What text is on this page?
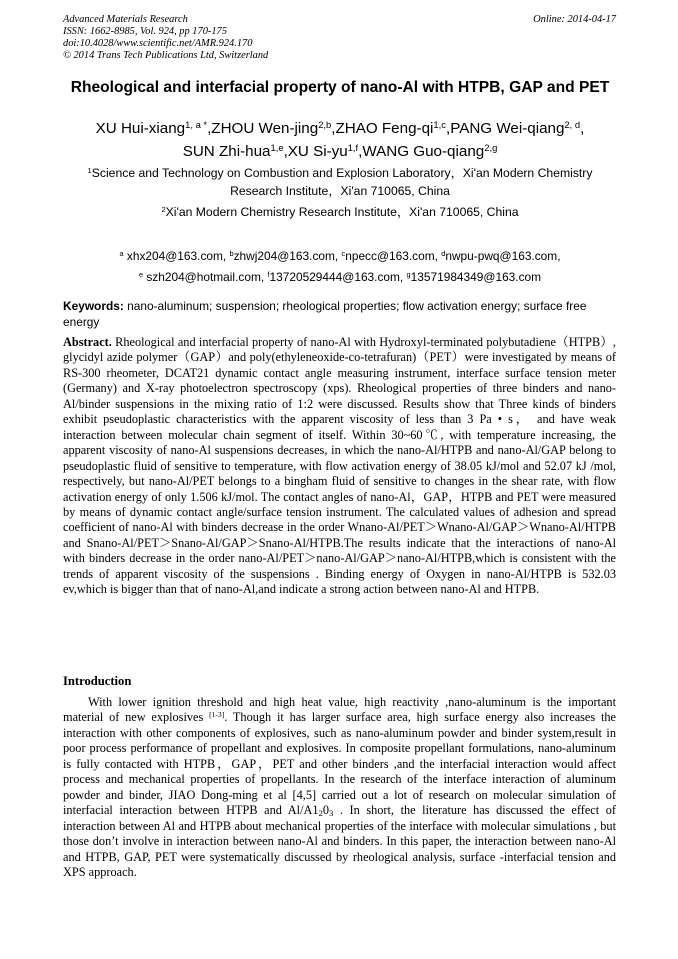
Advanced Materials Research
ISSN: 1662-8985, Vol. 924, pp 170-175
doi:10.4028/www.scientific.net/AMR.924.170
© 2014 Trans Tech Publications Ltd, Switzerland
Online: 2014-04-17
Rheological and interfacial property of nano-Al with HTPB, GAP and PET
XU Hui-xiang$^{1, a *}$,ZHOU Wen-jing$^{2,b}$,ZHAO Feng-qi$^{1,c}$,PANG Wei-qiang$^{2, d}$,
SUN Zhi-hua$^{1,e}$,XU Si-yu$^{1,f}$,WANG Guo-qiang$^{2,g}$
$^1$Science and Technology on Combustion and Explosion Laboratory，Xi'an Modern Chemistry
Research Institute，Xi'an 710065, China
$^2$Xi'an Modern Chemistry Research Institute，Xi'an 710065, China
$^a$ xhx204@163.com, $^b$zhwj204@163.com, $^c$npecc@163.com, $^d$nwpu-pwq@163.com,
$^e$ szh204@hotmail.com, $^f$13720529444@163.com, $^g$13571984349@163.com
Keywords: nano-aluminum; suspension; rheological properties; flow activation energy; surface free energy
Abstract. Rheological and interfacial property of nano-Al with Hydroxyl-terminated polybutadiene（HTPB）, glycidyl azide polymer（GAP）and poly(ethyleneoxide-co-tetrafuran)（PET）were investigated by means of RS-300 rheometer, DCAT21 dynamic contact angle measuring instrument, interface surface tension meter (Germany) and X-ray photoelectron spectroscopy (xps). Rheological properties of three binders and nano-Al/binder suspensions in the mixing ratio of 1:2 were discussed. Results show that Three kinds of binders exhibit pseudoplastic characteristics with the apparent viscosity of less than 3 Pa • s， and have weak interaction between molecular chain segment of itself. Within 30~60℃, with temperature increasing, the apparent viscosity of nano-Al suspensions decreases, in which the nano-Al/HTPB and nano-Al/GAP belong to pseudoplastic fluid of sensitive to temperature, with flow activation energy of 38.05 kJ/mol and 52.07 kJ /mol, respectively, but nano-Al/PET belongs to a bingham fluid of sensitive to changes in the shear rate, with flow activation energy of only 1.506 kJ/mol. The contact angles of nano-Al，GAP，HTPB and PET were measured by means of dynamic contact angle/surface tension instrument. The calculated values of adhesion and spread coefficient of nano-Al with binders decrease in the order Wnano-Al/PET＞Wnano-Al/GAP＞Wnano-Al/HTPB and Snano-Al/PET＞Snano-Al/GAP＞Snano-Al/HTPB.The results indicate that the interactions of nano-Al with binders decrease in the order nano-Al/PET＞nano-Al/GAP＞nano-Al/HTPB,which is consistent with the trends of apparent viscosity of the suspensions . Binding energy of Oxygen in nano-Al/HTPB is 532.03 ev,which is bigger than that of nano-Al,and indicate a strong action between nano-Al and HTPB.
Introduction
With lower ignition threshold and high heat value, high reactivity ,nano-aluminum is the important material of new explosives [1-3]. Though it has larger surface area, high surface energy also increases the interaction with other components of explosives, such as nano-aluminum powder and binder system,result in poor process performance of propellant and explosives. In composite propellant formulations, nano-aluminum is fully contacted with HTPB，GAP，PET and other binders ,and the interfacial interaction would affect process and mechanical properties of propellants. In the research of the interface interaction of aluminum powder and binder, JIAO Dong-ming et al [4,5] carried out a lot of research on molecular simulation of interfacial interaction between HTPB and $Al/A1_20_3$ . In short, the literature has discussed the effect of interaction between Al and HTPB about mechanical properties of the interface with molecular simulations , but those don’t involve in interaction between nano-Al and binders. In this paper, the interaction between nano-Al and HTPB, GAP, PET were systematically discussed by rheological analysis, surface -interfacial tension and XPS approach.
